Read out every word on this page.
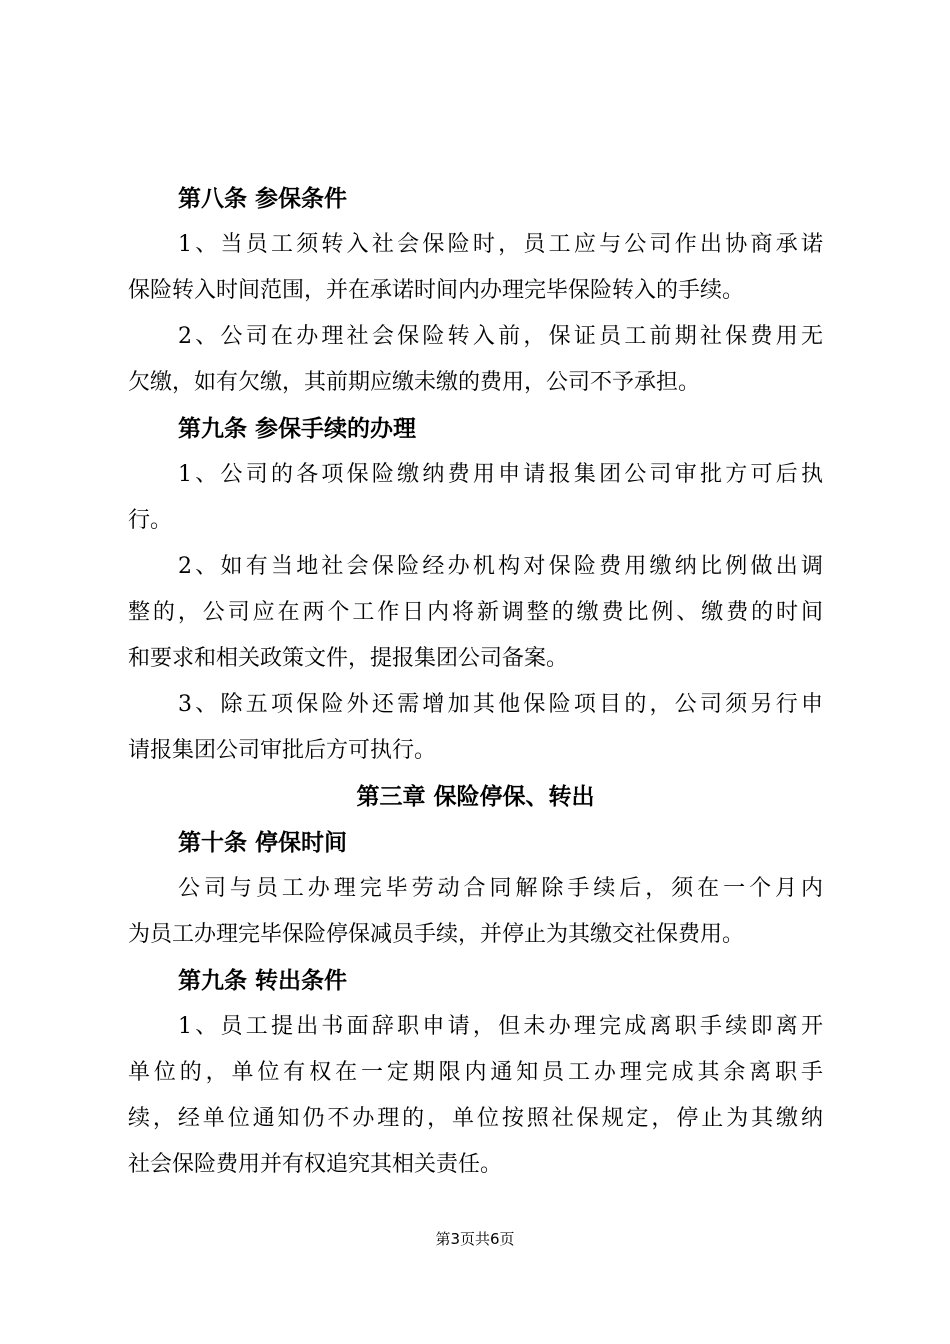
第八条 参保条件
1、当员工须转入社会保险时，员工应与公司作出协商承诺
保险转入时间范围，并在承诺时间内办理完毕保险转入的手续。
2、公司在办理社会保险转入前，保证员工前期社保费用无
欠缴，如有欠缴，其前期应缴未缴的费用，公司不予承担。
第九条 参保手续的办理
1、公司的各项保险缴纳费用申请报集团公司审批方可后执
行。
2、如有当地社会保险经办机构对保险费用缴纳比例做出调
整的，公司应在两个工作日内将新调整的缴费比例、缴费的时间
和要求和相关政策文件，提报集团公司备案。
3、除五项保险外还需增加其他保险项目的，公司须另行申
请报集团公司审批后方可执行。
第三章 保险停保、转出
第十条 停保时间
公司与员工办理完毕劳动合同解除手续后，须在一个月内
为员工办理完毕保险停保减员手续，并停止为其缴交社保费用。
第九条 转出条件
1、员工提出书面辞职申请，但未办理完成离职手续即离开
单位的，单位有权在一定期限内通知员工办理完成其余离职手
续，经单位通知仍不办理的，单位按照社保规定，停止为其缴纳
社会保险费用并有权追究其相关责任。
第3页共6页
